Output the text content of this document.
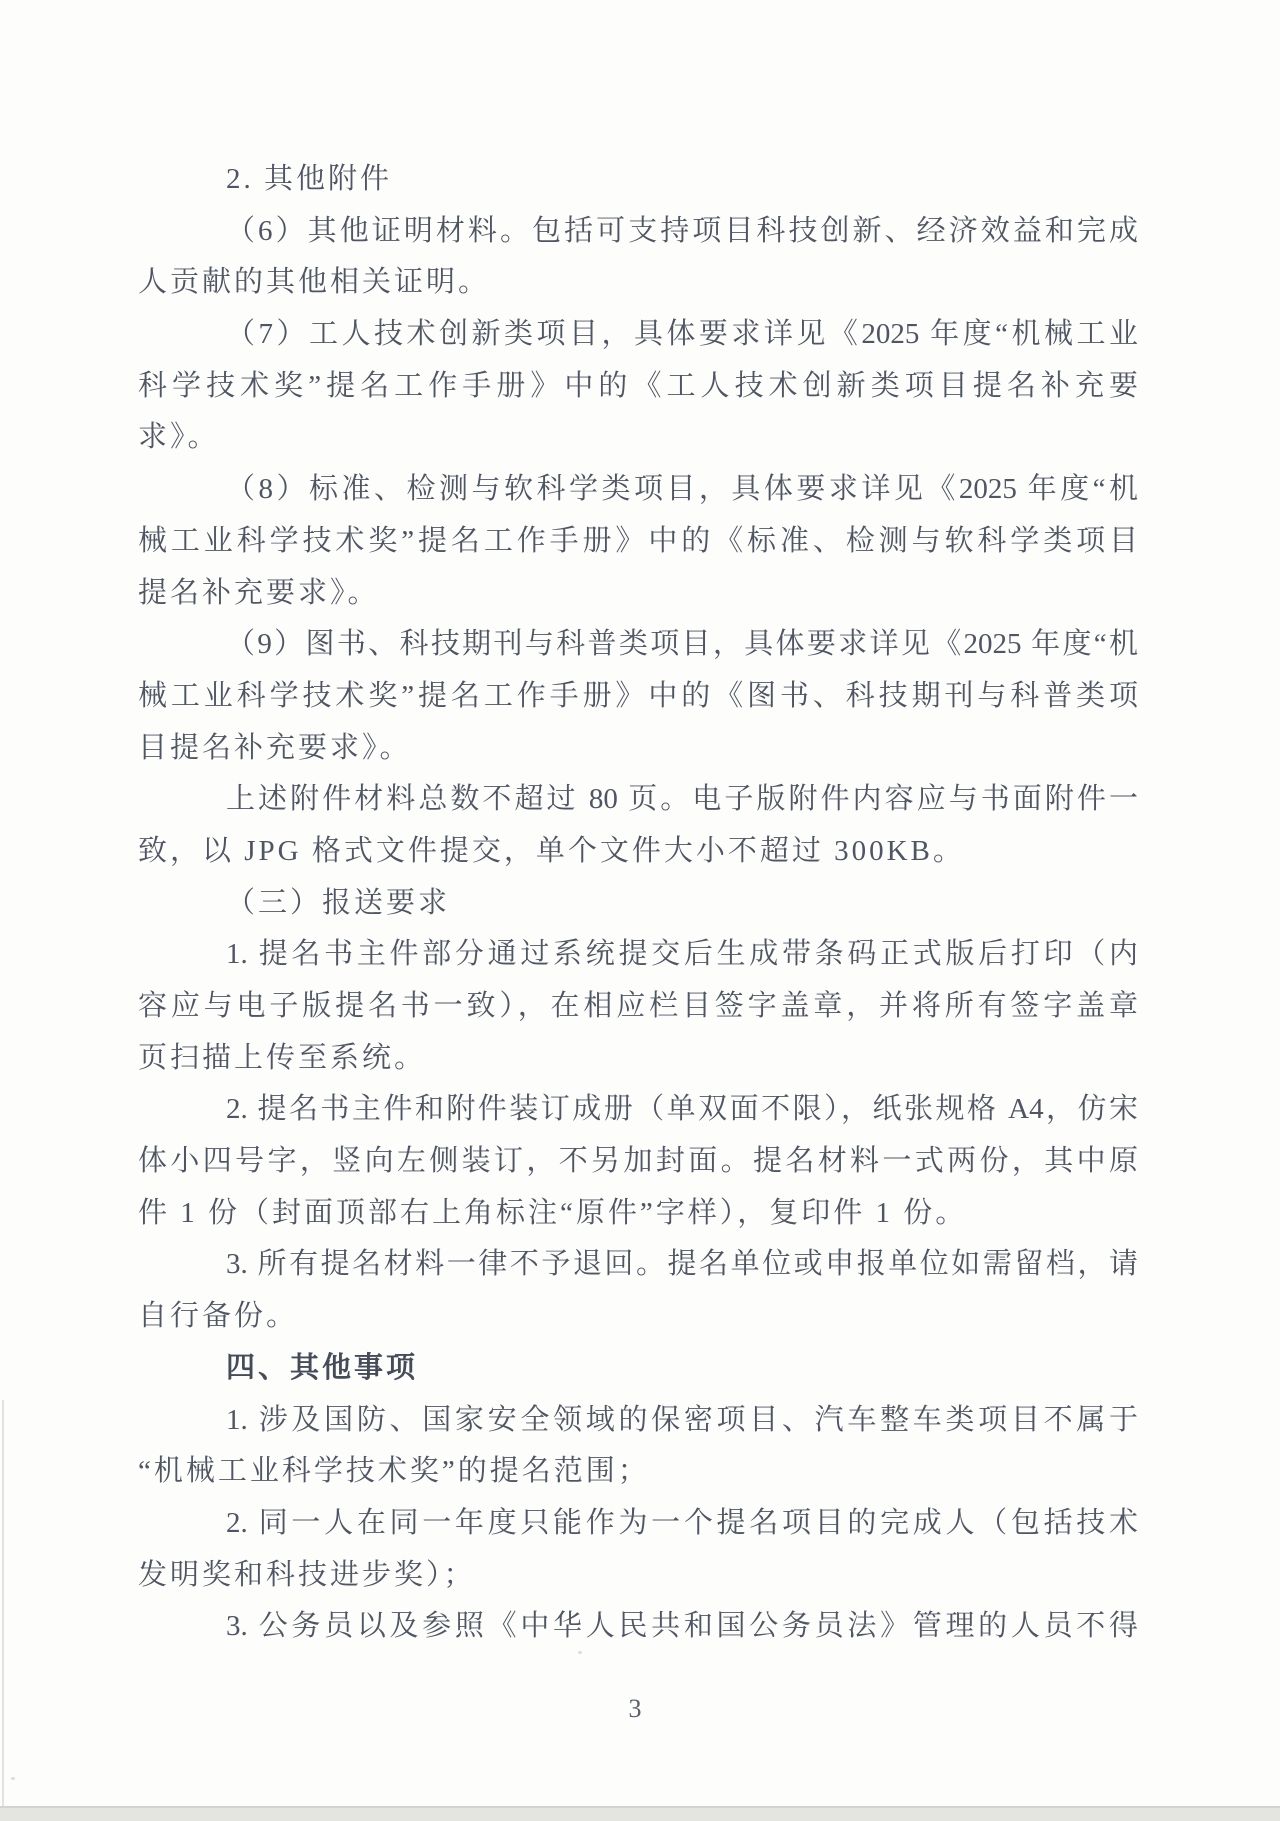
2. 其他附件
（6）其他证明材料。包括可支持项目科技创新、经济效益和完成
人贡献的其他相关证明。
（7）工人技术创新类项目，具体要求详见《2025 年度“机械工业
科学技术奖”提名工作手册》中的《工人技术创新类项目提名补充要
求》。
（8）标准、检测与软科学类项目，具体要求详见《2025 年度“机
械工业科学技术奖”提名工作手册》中的《标准、检测与软科学类项目
提名补充要求》。
（9）图书、科技期刊与科普类项目，具体要求详见《2025 年度“机
械工业科学技术奖”提名工作手册》中的《图书、科技期刊与科普类项
目提名补充要求》。
上述附件材料总数不超过 80 页。电子版附件内容应与书面附件一
致，以 JPG 格式文件提交，单个文件大小不超过 300KB。
（三）报送要求
1. 提名书主件部分通过系统提交后生成带条码正式版后打印（内
容应与电子版提名书一致），在相应栏目签字盖章，并将所有签字盖章
页扫描上传至系统。
2. 提名书主件和附件装订成册（单双面不限），纸张规格 A4，仿宋
体小四号字，竖向左侧装订，不另加封面。提名材料一式两份，其中原
件 1 份（封面顶部右上角标注“原件”字样），复印件 1 份。
3. 所有提名材料一律不予退回。提名单位或申报单位如需留档，请
自行备份。
四、其他事项
1. 涉及国防、国家安全领域的保密项目、汽车整车类项目不属于
“机械工业科学技术奖”的提名范围；
2. 同一人在同一年度只能作为一个提名项目的完成人（包括技术
发明奖和科技进步奖）；
3. 公务员以及参照《中华人民共和国公务员法》管理的人员不得
3
